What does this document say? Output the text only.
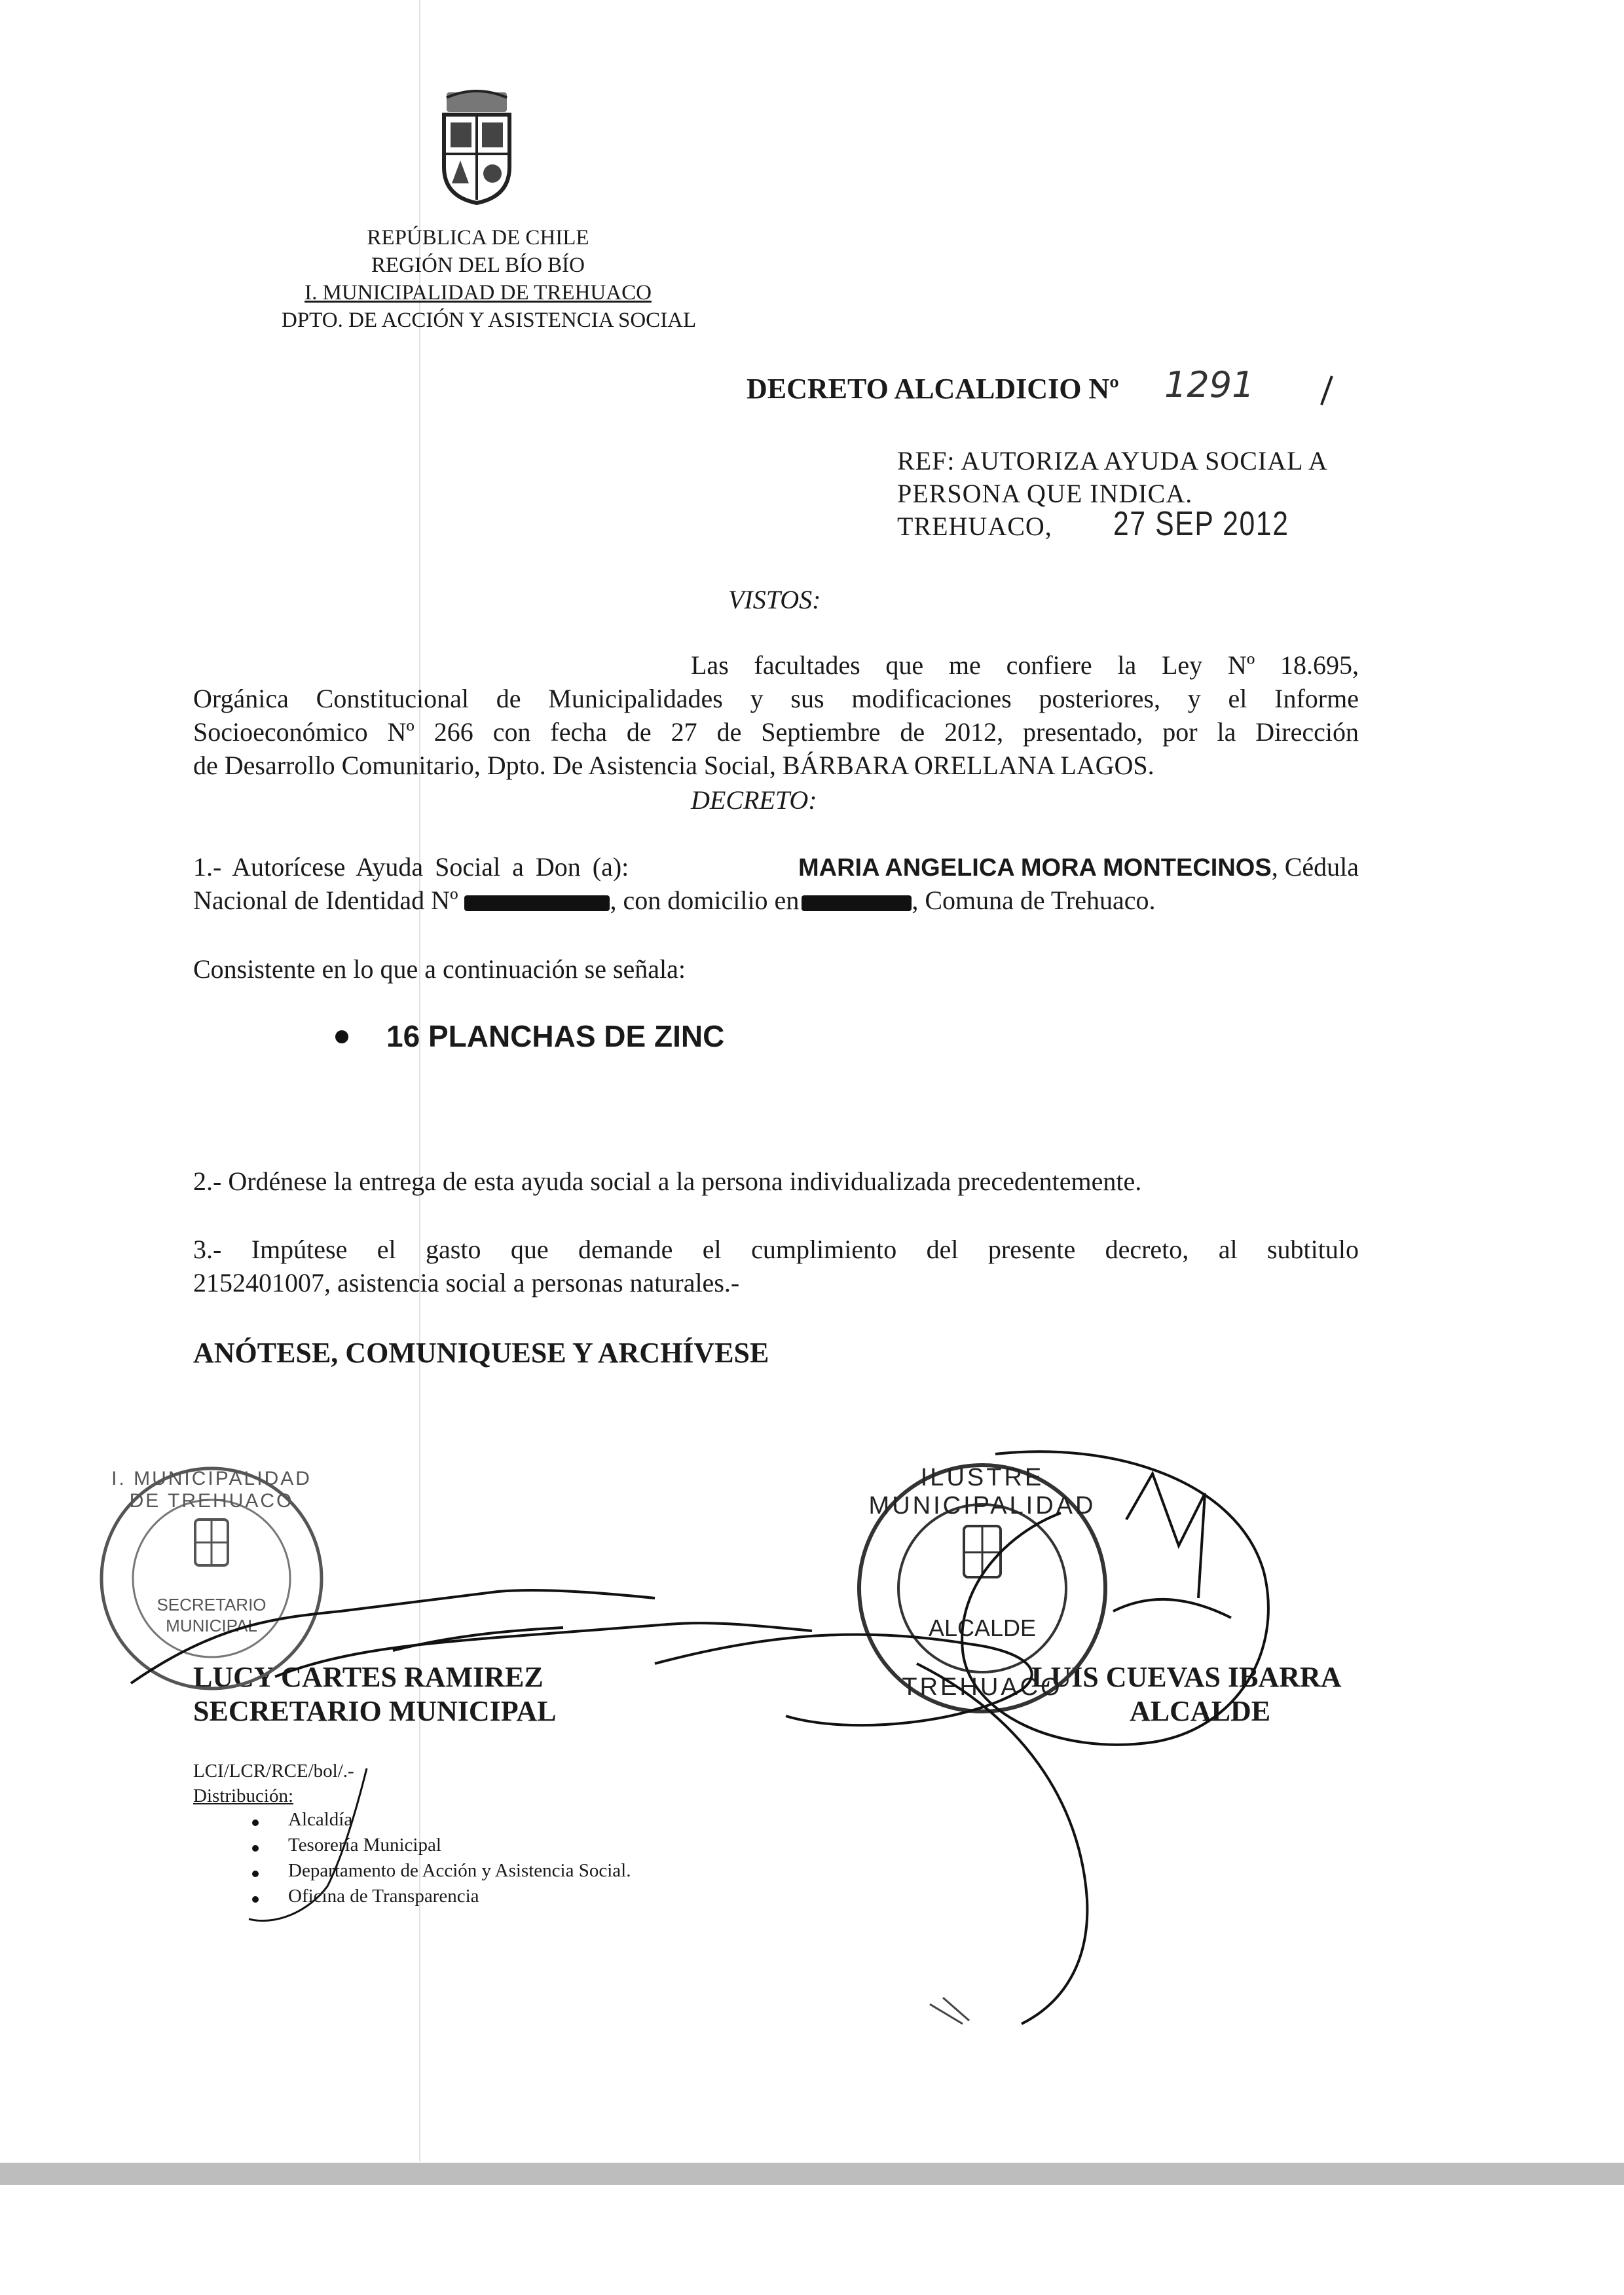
REPÚBLICA DE CHILE
REGIÓN DEL BÍO BÍO
I. MUNICIPALIDAD DE TREHUACO
DPTO. DE ACCIÓN Y ASISTENCIA SOCIAL
DECRETO ALCALDICIO Nº 1291
REF: AUTORIZA AYUDA SOCIAL A
PERSONA QUE INDICA.
TREHUACO, 27 SEP 2012
VISTOS:
Las facultades que me confiere la Ley Nº 18.695,
Orgánica Constitucional de Municipalidades y sus modificaciones posteriores, y el Informe
Socioeconómico Nº 266 con fecha de 27 de Septiembre de 2012, presentado, por la Dirección
de Desarrollo Comunitario, Dpto. De Asistencia Social, BÁRBARA ORELLANA LAGOS.
DECRETO:
1.- Autorícese Ayuda Social a Don (a):	MARIA ANGELICA MORA MONTECINOS, Cédula
Nacional de Identidad Nº	, con domicilio en	, Comuna de Trehuaco.
Consistente en lo que a continuación se señala:
16 PLANCHAS DE ZINC
2.- Ordénese la entrega de esta ayuda social a la persona individualizada precedentemente.
3.- Impútese el gasto que demande el cumplimiento del presente decreto, al subtitulo
2152401007, asistencia social a personas naturales.-
ANÓTESE, COMUNIQUESE Y ARCHÍVESE
LUCY CARTES RAMIREZ
SECRETARIO MUNICIPAL
LUIS CUEVAS IBARRA
ALCALDE
I. MUNICIPALIDAD DE TREHUACO
SECRETARIO
MUNICIPAL
ILUSTRE MUNICIPALIDAD
ALCALDE
TREHUACO
LCI/LCR/RCE/bol/.-
Distribución:
Alcaldía
Tesorería Municipal
Departamento de Acción y Asistencia Social.
Oficina de Transparencia
